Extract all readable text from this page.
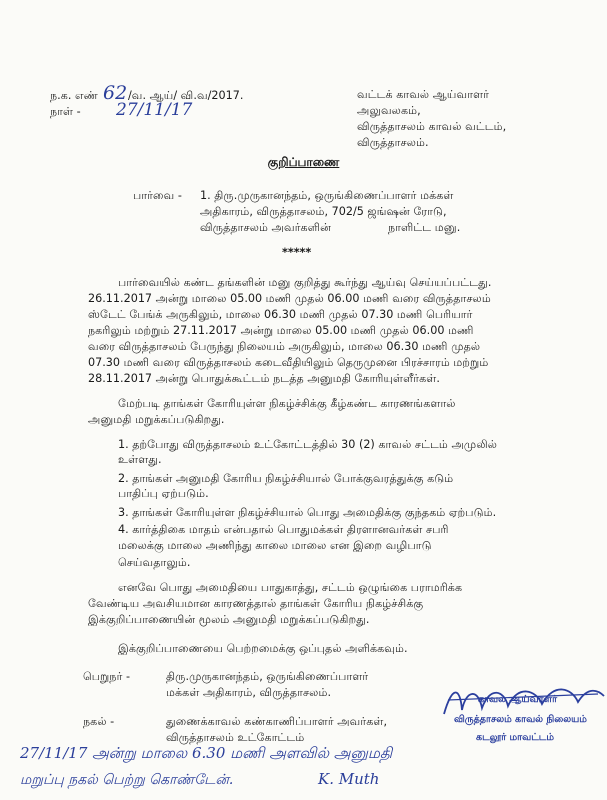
ந.க. எண் 62 /வ. ஆய்/ வி.வ/2017.
நாள் - 27/11/17
வட்டக் காவல் ஆய்வாளர்
அலுவலகம்,
விருத்தாசலம் காவல் வட்டம்,
விருத்தாசலம்.
குறிப்பாணை
பார்வை - 1. திரு.முருகானந்தம், ஒருங்கிணைப்பாளர் மக்கள்
அதிகாரம், விருத்தாசலம், 702/5 ஜங்ஷன் ரோடு,
விருத்தாசலம் அவர்களின்	நாளிட்ட மனு.
*****
பார்வையில் கண்ட தங்களின் மனு குறித்து கூர்ந்து ஆய்வு செய்யப்பட்டது.
26.11.2017 அன்று மாலை 05.00 மணி முதல் 06.00 மணி வரை விருத்தாசலம்
ஸ்டேட் பேங்க் அருகிலும், மாலை 06.30 மணி முதல் 07.30 மணி பெரியார்
நகரிலும் மற்றும் 27.11.2017 அன்று மாலை 05.00 மணி முதல் 06.00 மணி
வரை விருத்தாசலம் பேருந்து நிலையம் அருகிலும், மாலை 06.30 மணி முதல்
07.30 மணி வரை விருத்தாசலம் கடைவீதியிலும் தெருமுனை பிரச்சாரம் மற்றும்
28.11.2017 அன்று பொதுக்கூட்டம் நடத்த அனுமதி கோரியுள்ளீர்கள்.
மேற்படி தாங்கள் கோரியுள்ள நிகழ்ச்சிக்கு கீழ்கண்ட காரணங்களால்
அனுமதி மறுக்கப்படுகிறது.
1. தற்போது விருத்தாசலம் உட்கோட்டத்தில் 30 (2) காவல் சட்டம் அமுலில்
உள்ளது.
2. தாங்கள் அனுமதி கோரிய நிகழ்ச்சியால் போக்குவரத்துக்கு கடும்
பாதிப்பு ஏற்படும்.
3. தாங்கள் கோரியுள்ள நிகழ்ச்சியால் பொது அமைதிக்கு குந்தகம் ஏற்படும்.
4. கார்த்திகை மாதம் என்பதால் பொதுமக்கள் திரளானவர்கள் சபரி
மலைக்கு மாலை அணிந்து காலை மாலை என இறை வழிபாடு
செய்வதாலும்.
எனவே பொது அமைதியை பாதுகாத்து, சட்டம் ஒழுங்கை பராமரிக்க
வேண்டிய அவசியமான காரணத்தால் தாங்கள் கோரிய நிகழ்ச்சிக்கு
இக்குறிப்பாணையின் மூலம் அனுமதி மறுக்கப்படுகிறது.
இக்குறிப்பாணையை பெற்றமைக்கு ஒப்புதல் அளிக்கவும்.
பெறுநர் -	திரு.முருகானந்தம், ஒருங்கிணைப்பாளர்
மக்கள் அதிகாரம், விருத்தாசலம்.
நகல் -	துணைக்காவல் கண்காணிப்பாளர் அவர்கள்,
விருத்தாசலம் உட்கோட்டம்
காவல் ஆய்வாளர்
விருத்தாசலம் காவல் நிலையம்
கடலூர் மாவட்டம்
27/11/17 அன்று மாலை 6.30 மணி அளவில் அனுமதி
மறுப்பு நகல் பெற்று கொண்டேன்.	K. Muth
